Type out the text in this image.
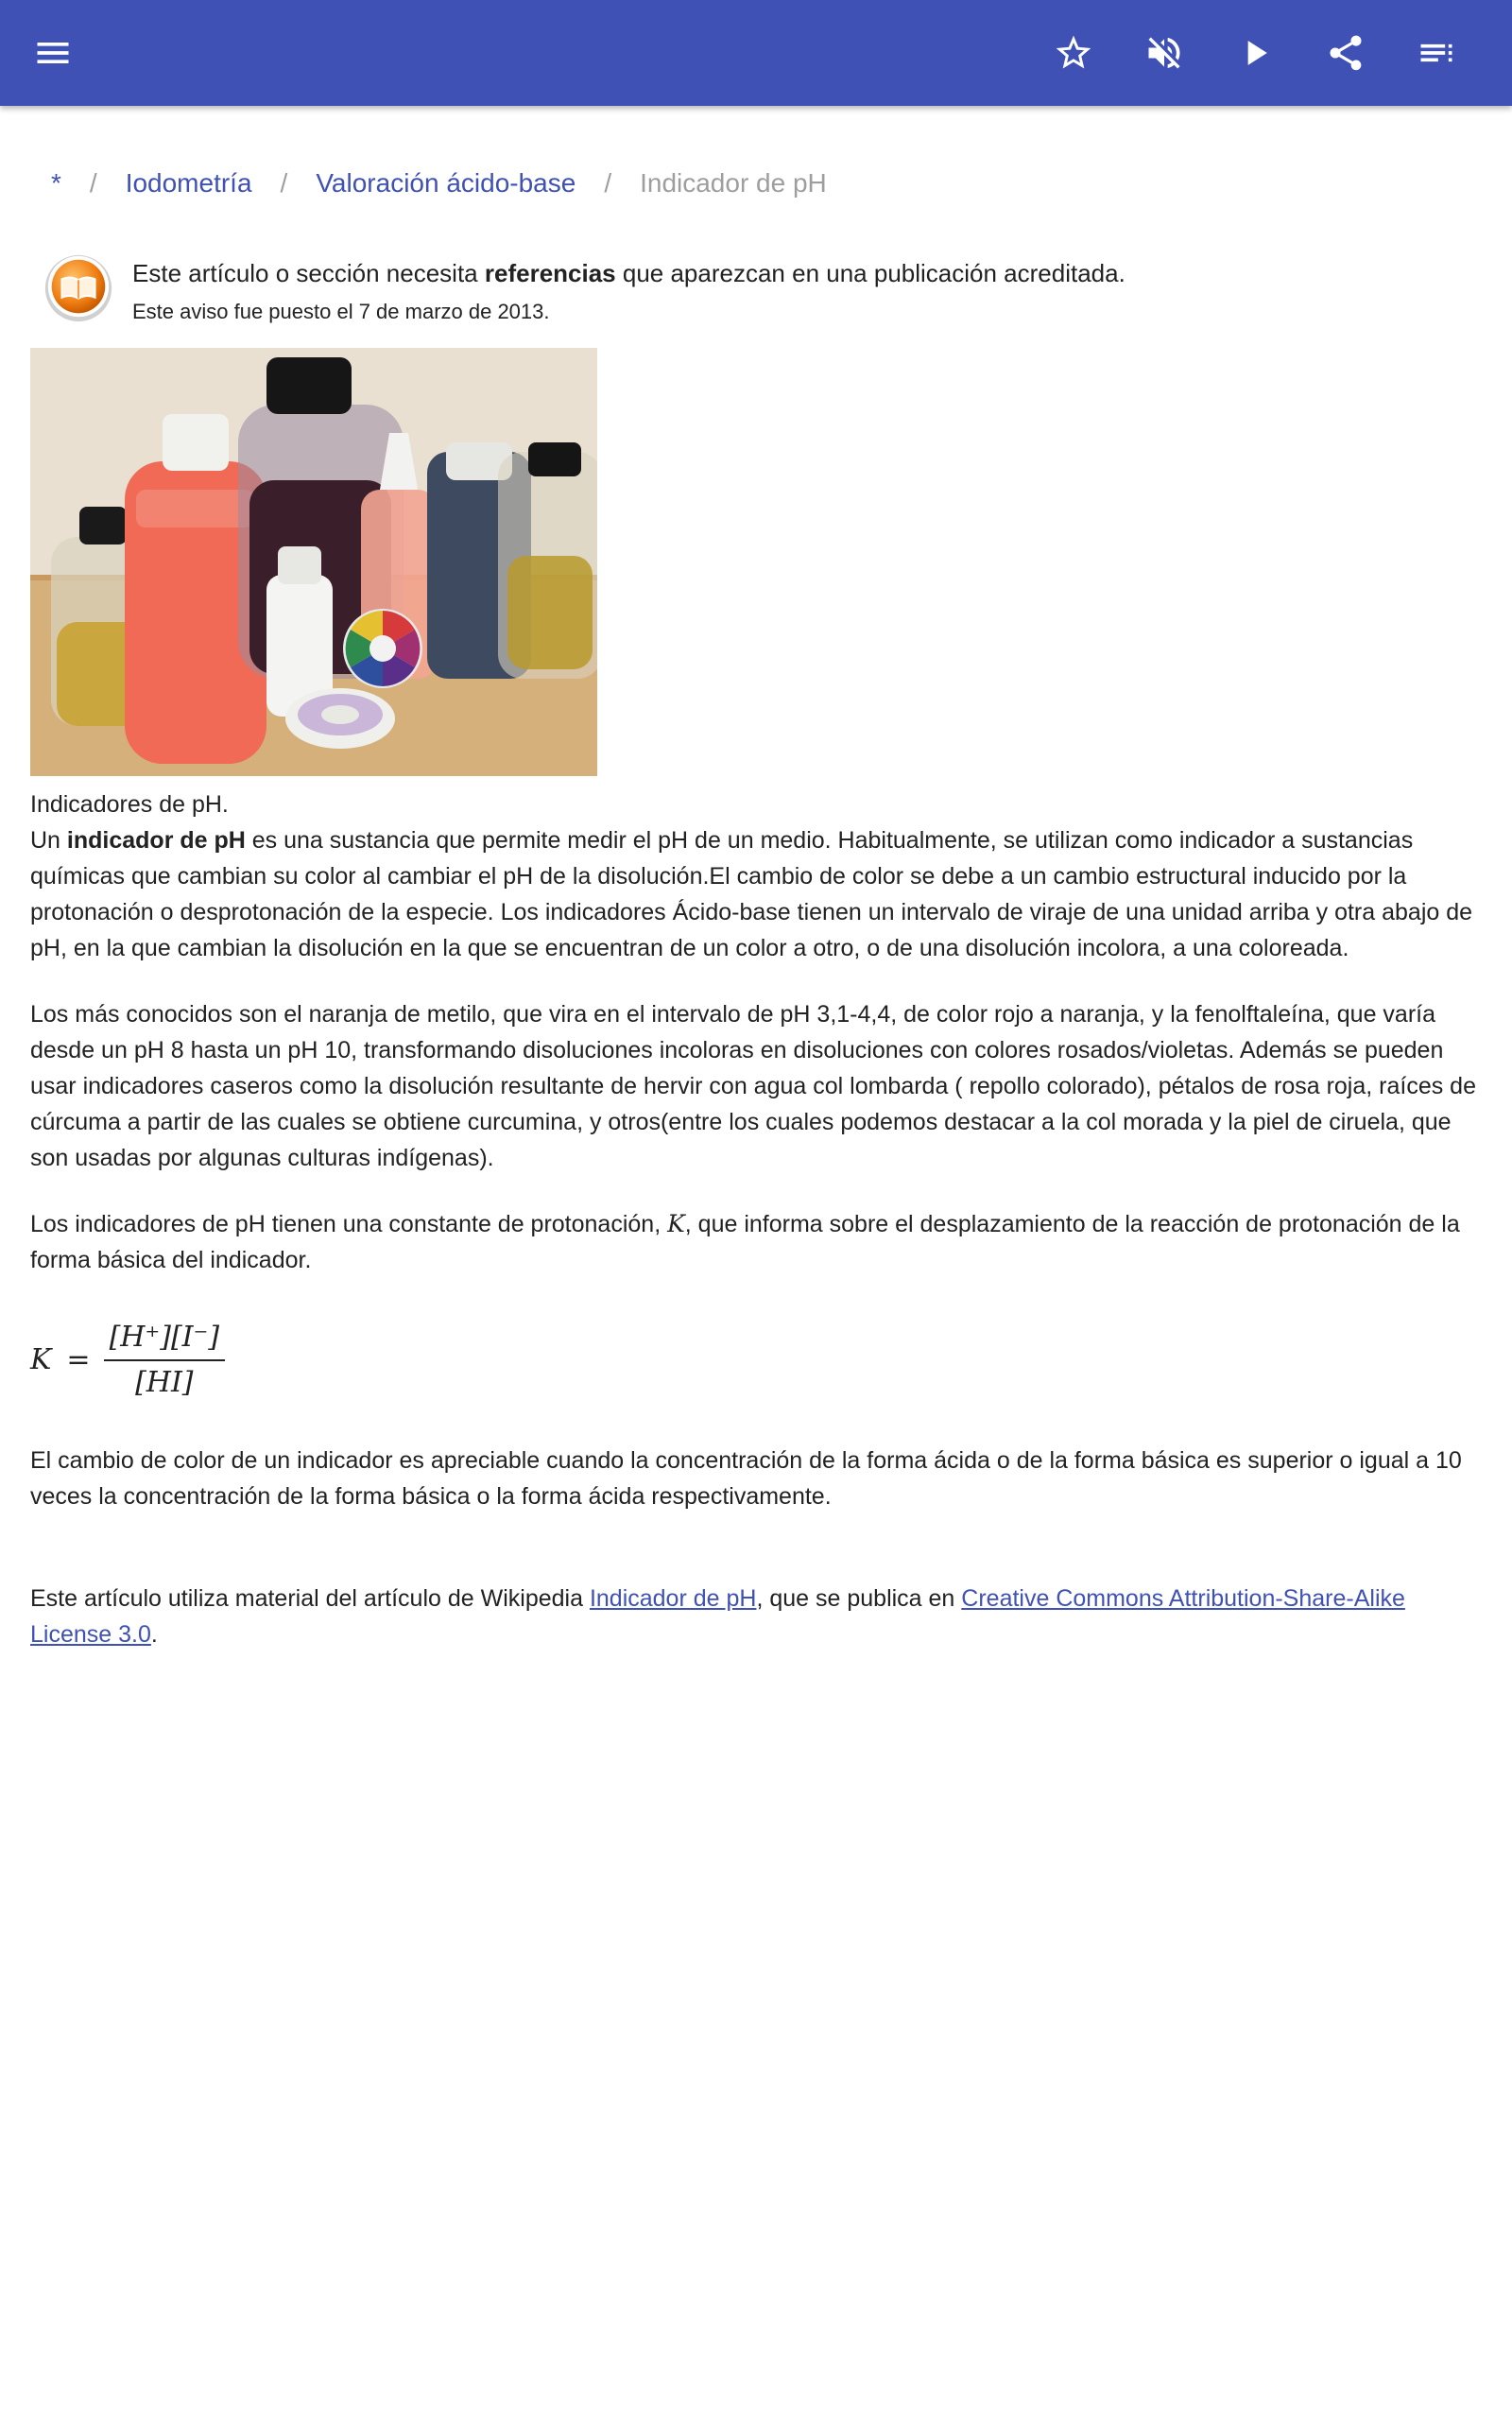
* / Iodometría / Valoración ácido-base / Indicador de pH
Este artículo o sección necesita referencias que aparezcan en una publicación acreditada.
Este aviso fue puesto el 7 de marzo de 2013.

Indicadores de pH.

Un indicador de pH es una sustancia que permite medir el pH de un medio. Habitualmente, se utilizan como indicador a sustancias químicas que cambian su color al cambiar el pH de la disolución.El cambio de color se debe a un cambio estructural inducido por la protonación o desprotonación de la especie. Los indicadores Ácido-base tienen un intervalo de viraje de una unidad arriba y otra abajo de pH, en la que cambian la disolución en la que se encuentran de un color a otro, o de una disolución incolora, a una coloreada.

Los más conocidos son el naranja de metilo, que vira en el intervalo de pH 3,1-4,4, de color rojo a naranja, y la fenolftaleína, que varía desde un pH 8 hasta un pH 10, transformando disoluciones incoloras en disoluciones con colores rosados/violetas. Además se pueden usar indicadores caseros como la disolución resultante de hervir con agua col lombarda ( repollo colorado), pétalos de rosa roja, raíces de cúrcuma a partir de las cuales se obtiene curcumina, y otros(entre los cuales podemos destacar a la col morada y la piel de ciruela, que son usadas por algunas culturas indígenas).

Los indicadores de pH tienen una constante de protonación, K, que informa sobre el desplazamiento de la reacción de protonación de la forma básica del indicador.

$K = \frac{[H^+][I^-]}{[HI]}$

El cambio de color de un indicador es apreciable cuando la concentración de la forma ácida o de la forma básica es superior o igual a 10 veces la concentración de la forma básica o la forma ácida respectivamente.

Este artículo utiliza material del artículo de Wikipedia Indicador de pH, que se publica en Creative Commons Attribution-Share-Alike License 3.0.
